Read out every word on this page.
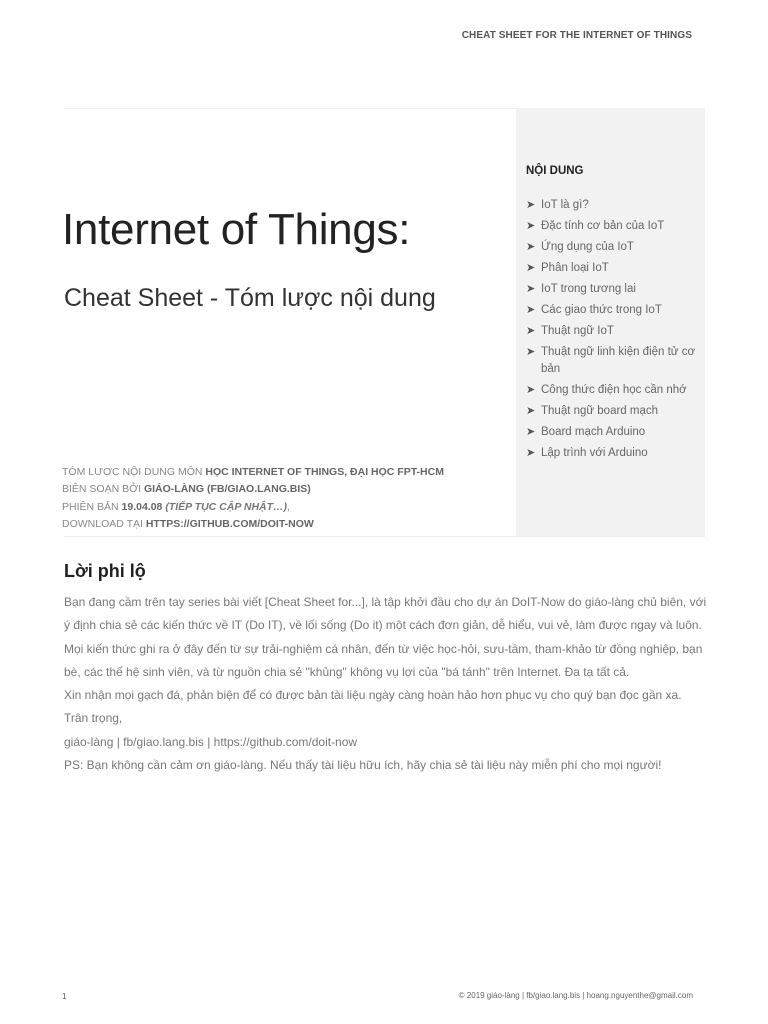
CHEAT SHEET FOR THE INTERNET OF THINGS
Internet of Things:
Cheat Sheet - Tóm lược nội dung
TÓM LƯỢC NỘI DUNG MÔN HỌC INTERNET OF THINGS, ĐẠI HỌC FPT-HCM
BIÊN SOẠN BỞI GIÁO-LÀNG (FB/GIAO.LANG.BIS)
PHIÊN BẢN 19.04.08 (TIẾP TỤC CẬP NHẬT…),
DOWNLOAD TẠI HTTPS://GITHUB.COM/DOIT-NOW
NỘI DUNG
➤ IoT là gì?
➤ Đặc tính cơ bản của IoT
➤ Ứng dụng của IoT
➤ Phân loại IoT
➤ IoT trong tương lai
➤ Các giao thức trong IoT
➤ Thuật ngữ IoT
➤ Thuật ngữ linh kiện điện tử cơ bản
➤ Công thức điện học cần nhớ
➤ Thuật ngữ board mạch
➤ Board mạch Arduino
➤ Lập trình với Arduino
Lời phi lộ

Bạn đang cầm trên tay series bài viết [Cheat Sheet for...], là tập khởi đầu cho dự án DoIT-Now do giáo-làng chủ biên, với ý định chia sẻ các kiến thức về IT (Do IT), về lối sống (Do it) một cách đơn giản, dễ hiểu, vui vẻ, làm được ngay và luôn.

Mọi kiến thức ghi ra ở đây đến từ sự trải-nghiệm cá nhân, đến từ việc học-hỏi, sưu-tầm, tham-khảo từ đồng nghiệp, bạn bè, các thế hệ sinh viên, và từ nguồn chia sẻ "khủng" không vụ lợi của "bá tánh" trên Internet. Đa tạ tất cả.

Xin nhận mọi gạch đá, phản biện để có được bản tài liệu ngày càng hoàn hảo hơn phục vụ cho quý bạn đọc gần xa.

Trân trọng,

giáo-làng | fb/giao.lang.bis | https://github.com/doit-now

PS: Bạn không cần cảm ơn giáo-làng. Nếu thấy tài liệu hữu ích, hãy chia sẻ tài liệu này miễn phí cho mọi người!

1	© 2019 giáo-làng | fb/giao.lang.bis | hoang.nguyenthe@gmail.com
